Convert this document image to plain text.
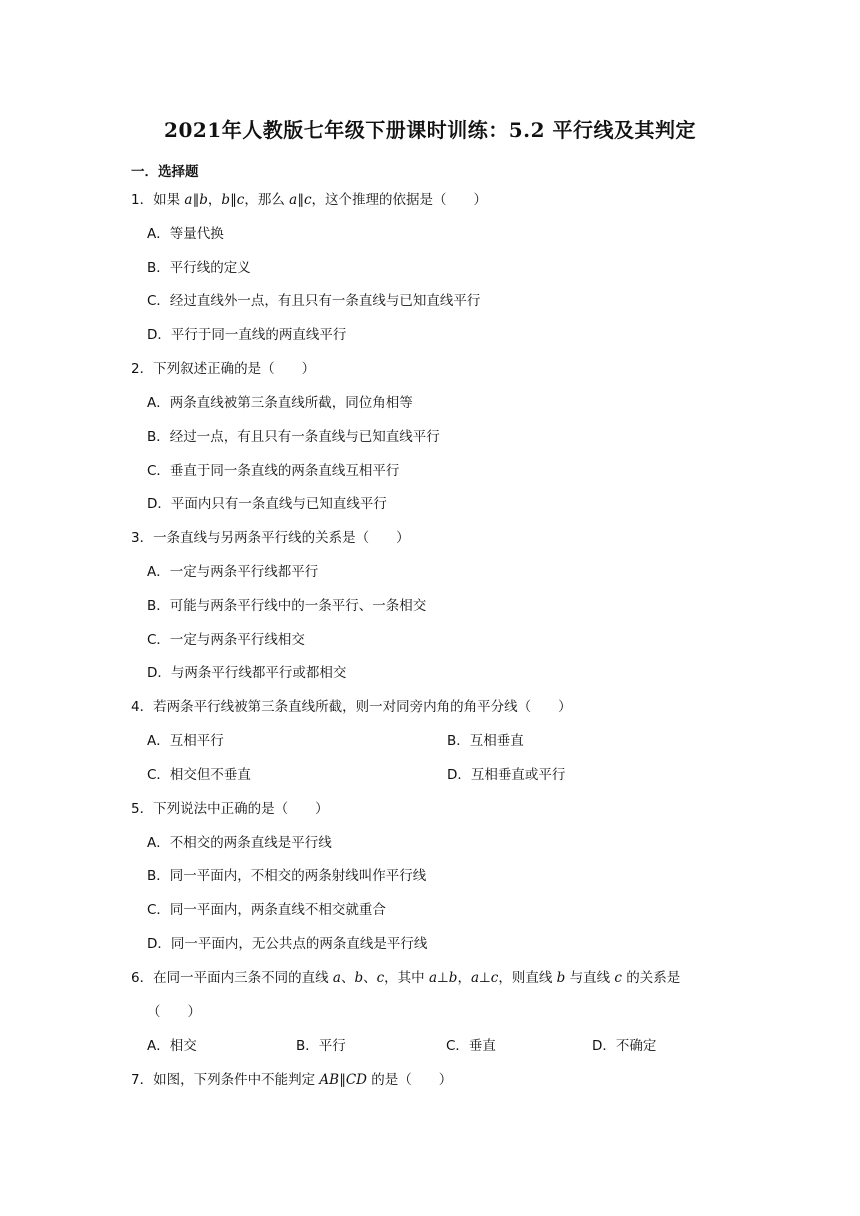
2021年人教版七年级下册课时训练：5.2 平行线及其判定
一．选择题
1．如果 a∥b，b∥c，那么 a∥c，这个推理的依据是（　　）
A．等量代换
B．平行线的定义
C．经过直线外一点，有且只有一条直线与已知直线平行
D．平行于同一直线的两直线平行
2．下列叙述正确的是（　　）
A．两条直线被第三条直线所截，同位角相等
B．经过一点，有且只有一条直线与已知直线平行
C．垂直于同一条直线的两条直线互相平行
D．平面内只有一条直线与已知直线平行
3．一条直线与另两条平行线的关系是（　　）
A．一定与两条平行线都平行
B．可能与两条平行线中的一条平行、一条相交
C．一定与两条平行线相交
D．与两条平行线都平行或都相交
4．若两条平行线被第三条直线所截，则一对同旁内角的角平分线（　　）
A．互相平行	B．互相垂直
C．相交但不垂直	D．互相垂直或平行
5．下列说法中正确的是（　　）
A．不相交的两条直线是平行线
B．同一平面内，不相交的两条射线叫作平行线
C．同一平面内，两条直线不相交就重合
D．同一平面内，无公共点的两条直线是平行线
6．在同一平面内三条不同的直线 a、b、c，其中 a⊥b，a⊥c，则直线 b 与直线 c 的关系是
（　　）
A．相交	B．平行	C．垂直	D．不确定
7．如图，下列条件中不能判定 AB∥CD 的是（　　）
